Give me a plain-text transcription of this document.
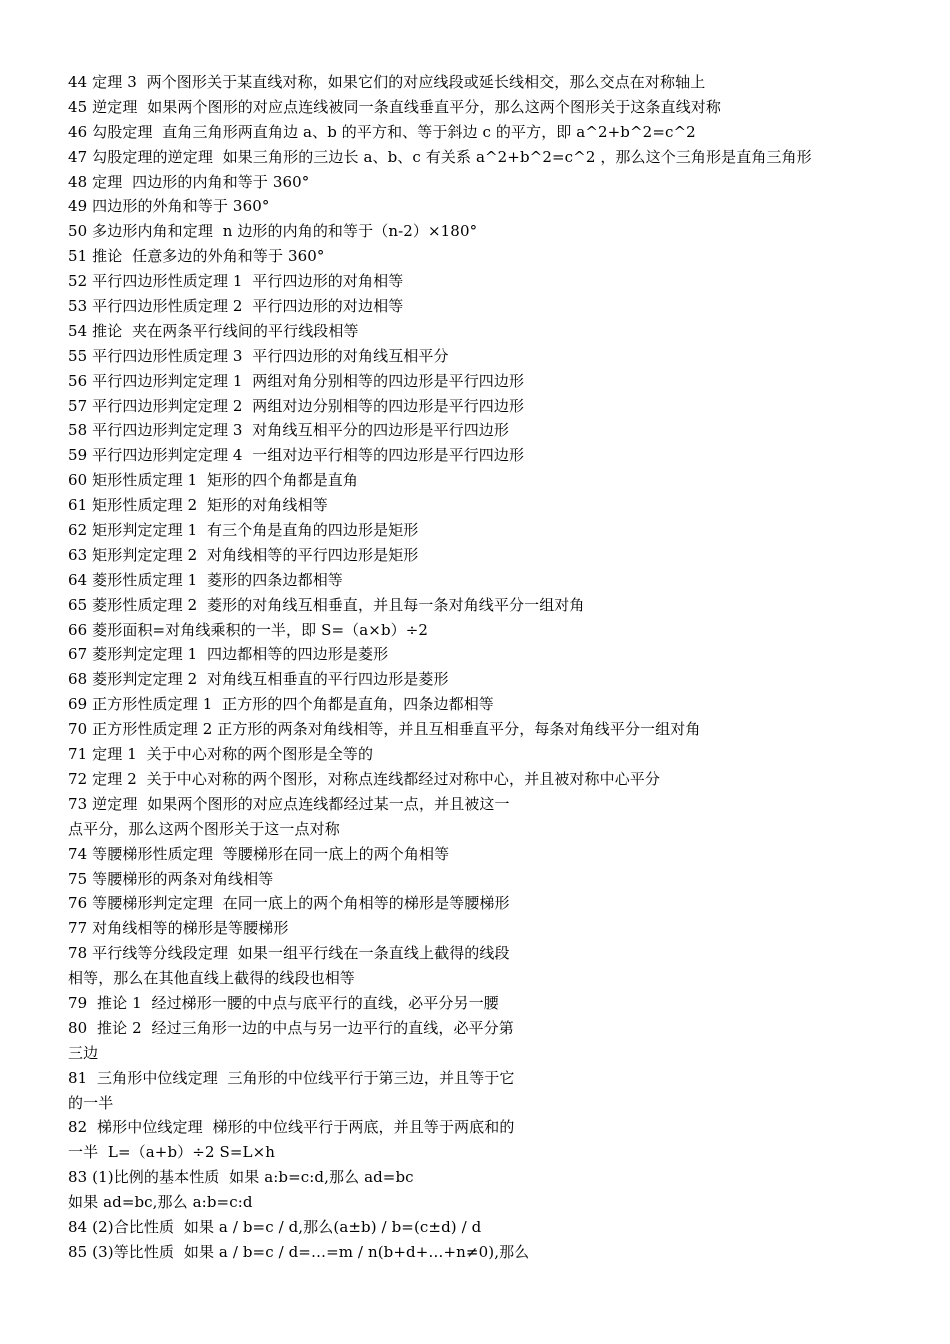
44 定理 3  两个图形关于某直线对称，如果它们的对应线段或延长线相交，那么交点在对称轴上
45 逆定理  如果两个图形的对应点连线被同一条直线垂直平分，那么这两个图形关于这条直线对称
46 勾股定理  直角三角形两直角边 a、b 的平方和、等于斜边 c 的平方，即 a^2+b^2=c^2
47 勾股定理的逆定理  如果三角形的三边长 a、b、c 有关系 a^2+b^2=c^2 ，那么这个三角形是直角三角形
48 定理  四边形的内角和等于 360°
49 四边形的外角和等于 360°
50 多边形内角和定理  n 边形的内角的和等于（n-2）×180°
51 推论  任意多边的外角和等于 360°
52 平行四边形性质定理 1  平行四边形的对角相等
53 平行四边形性质定理 2  平行四边形的对边相等
54 推论  夹在两条平行线间的平行线段相等
55 平行四边形性质定理 3  平行四边形的对角线互相平分
56 平行四边形判定定理 1  两组对角分别相等的四边形是平行四边形
57 平行四边形判定定理 2  两组对边分别相等的四边形是平行四边形
58 平行四边形判定定理 3  对角线互相平分的四边形是平行四边形
59 平行四边形判定定理 4  一组对边平行相等的四边形是平行四边形
60 矩形性质定理 1  矩形的四个角都是直角
61 矩形性质定理 2  矩形的对角线相等
62 矩形判定定理 1  有三个角是直角的四边形是矩形
63 矩形判定定理 2  对角线相等的平行四边形是矩形
64 菱形性质定理 1  菱形的四条边都相等
65 菱形性质定理 2  菱形的对角线互相垂直，并且每一条对角线平分一组对角
66 菱形面积=对角线乘积的一半，即 S=（a×b）÷2
67 菱形判定定理 1  四边都相等的四边形是菱形
68 菱形判定定理 2  对角线互相垂直的平行四边形是菱形
69 正方形性质定理 1  正方形的四个角都是直角，四条边都相等
70 正方形性质定理 2 正方形的两条对角线相等，并且互相垂直平分，每条对角线平分一组对角
71 定理 1  关于中心对称的两个图形是全等的
72 定理 2  关于中心对称的两个图形，对称点连线都经过对称中心，并且被对称中心平分
73 逆定理  如果两个图形的对应点连线都经过某一点，并且被这一
点平分，那么这两个图形关于这一点对称
74 等腰梯形性质定理  等腰梯形在同一底上的两个角相等
75 等腰梯形的两条对角线相等
76 等腰梯形判定定理  在同一底上的两个角相等的梯形是等腰梯形
77 对角线相等的梯形是等腰梯形
78 平行线等分线段定理  如果一组平行线在一条直线上截得的线段
相等，那么在其他直线上截得的线段也相等
79  推论 1  经过梯形一腰的中点与底平行的直线，必平分另一腰
80  推论 2  经过三角形一边的中点与另一边平行的直线，必平分第
三边
81  三角形中位线定理  三角形的中位线平行于第三边，并且等于它
的一半
82  梯形中位线定理  梯形的中位线平行于两底，并且等于两底和的
一半  L=（a+b）÷2 S=L×h
83 (1)比例的基本性质  如果 a:b=c:d,那么 ad=bc
如果 ad=bc,那么 a:b=c:d
84 (2)合比性质  如果 a / b=c / d,那么(a±b) / b=(c±d) / d
85 (3)等比性质  如果 a / b=c / d=…=m / n(b+d+…+n≠0),那么
